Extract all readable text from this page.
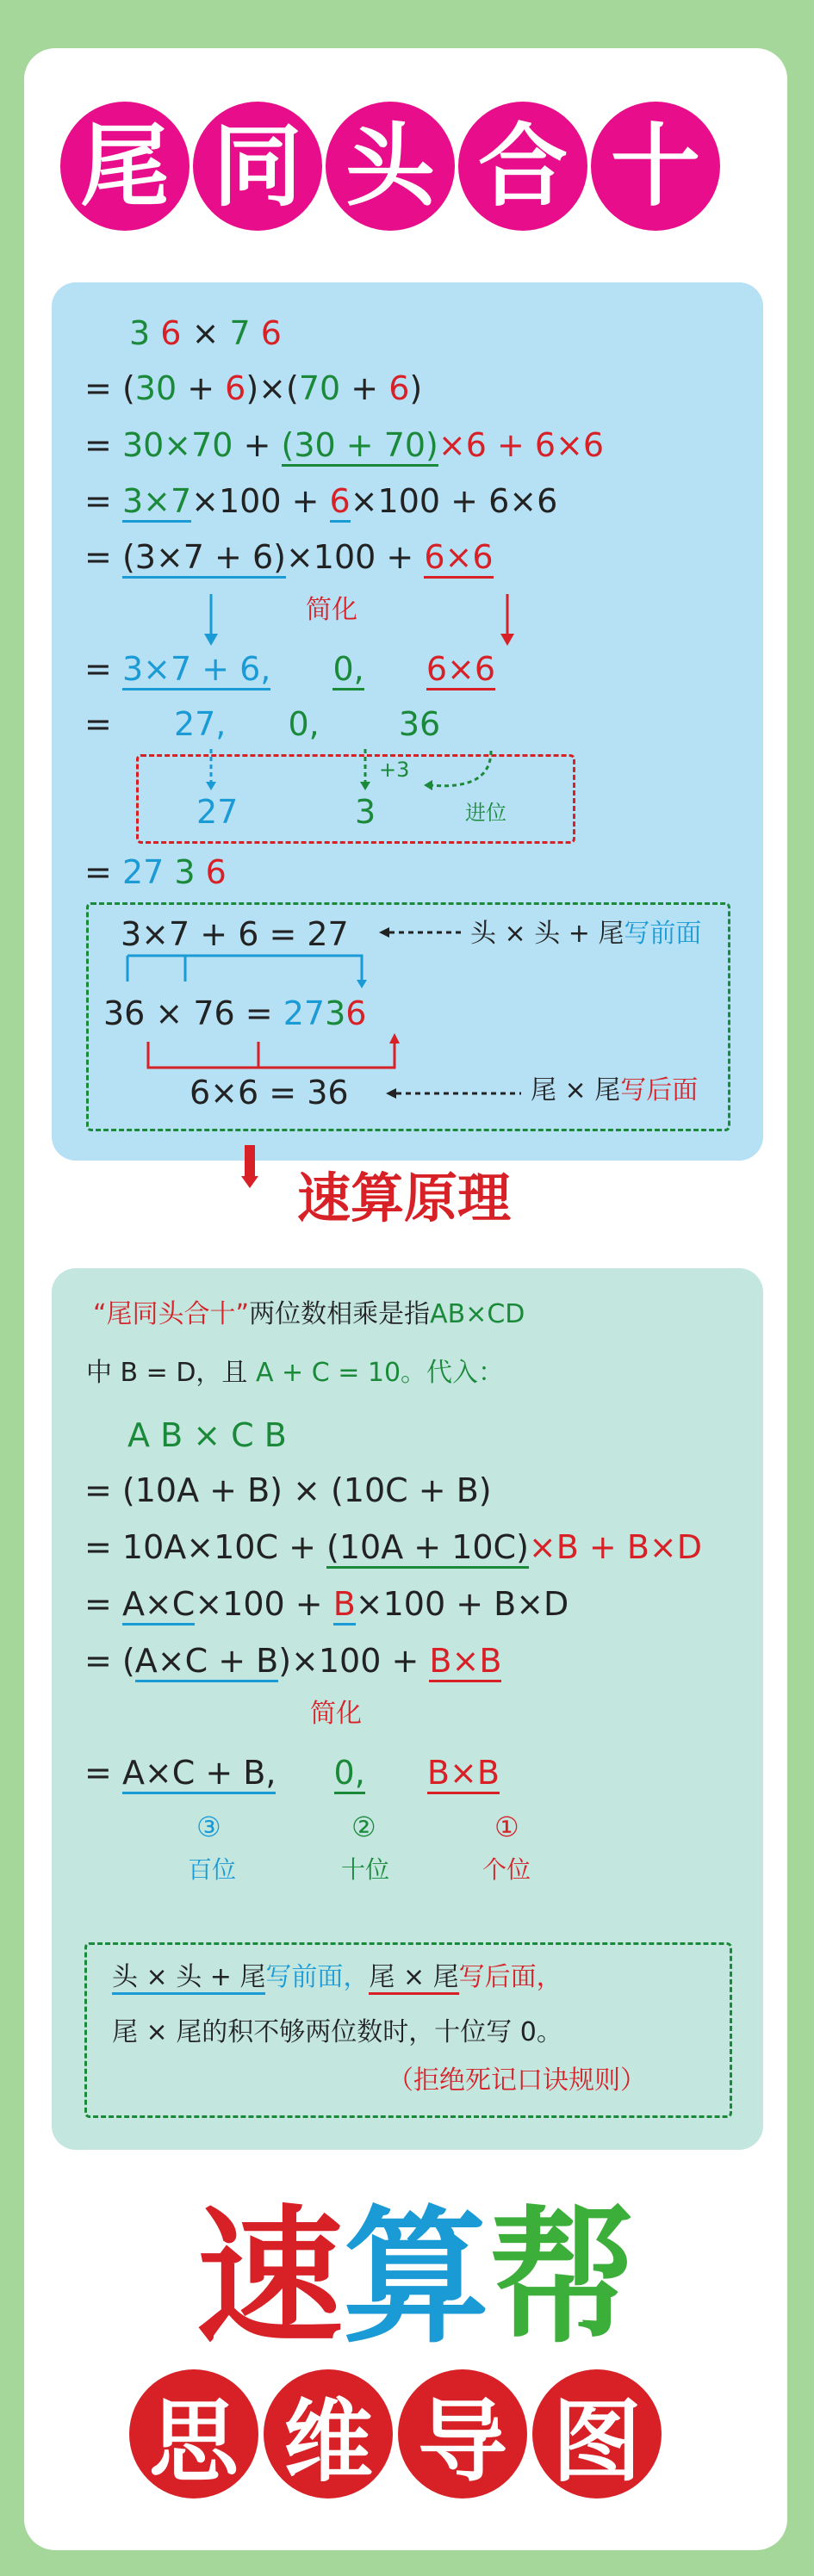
尾 同 头 合 十
3 6 × 7 6
= (30 + 6)×(70 + 6)
= 30×70 + (30 + 70)×6 + 6×6
= 3×7×100 + 6×100 + 6×6
= (3×7 + 6)×100 + 6×6
简化
= 3×7 + 6, 0, 6×6
= 27, 0, 36
27	3
+3
进位
= 27 3 6
3×7 + 6 = 27	头 × 头 + 尾写前面
36 × 76 = 2736
6×6 = 36	尾 × 尾写后面
速算原理
“尾同头合十”两位数相乘是指AB×CD
中 B = D，且 A + C = 10。代入：
A B × C B
= (10A + B) × (10C + B)
= 10A×10C + (10A + 10C)×B + B×D
= A×C×100 + B×100 + B×D
= (A×C + B)×100 + B×B
简化
= A×C + B, 0, B×B
③	②	①
百位	十位	个位
头 × 头 + 尾写前面，尾 × 尾写后面，
尾 × 尾的积不够两位数时，十位写 0。
（拒绝死记口诀规则）
速 算 帮
思 维 导 图
